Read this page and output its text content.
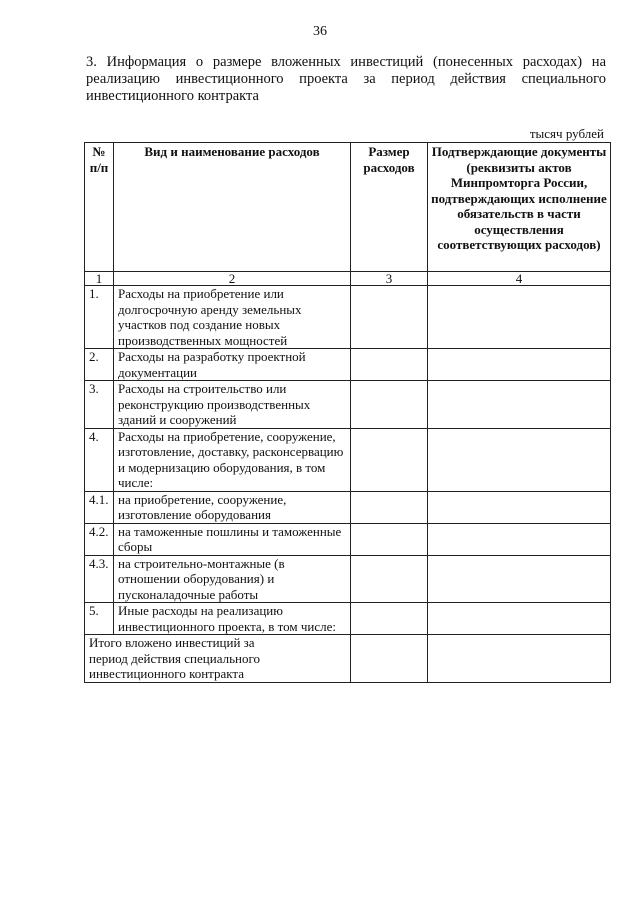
36
3. Информация о размере вложенных инвестиций (понесенных расходах) на
реализацию инвестиционного проекта за период действия специального
инвестиционного контракта
тысяч рублей
№ п/п	Вид и наименование расходов	Размер расходов	Подтверждающие документы (реквизиты актов Минпромторга России, подтверждающих исполнение обязательств в части осуществления соответствующих расходов)
1	2	3	4
1.	Расходы на приобретение или долгосрочную аренду земельных участков под создание новых производственных мощностей		
2.	Расходы на разработку проектной документации		
3.	Расходы на строительство или реконструкцию производственных зданий и сооружений		
4.	Расходы на приобретение, сооружение, изготовление, доставку, расконсервацию и модернизацию оборудования, в том числе:		
4.1.	на приобретение, сооружение, изготовление оборудования		
4.2.	на таможенные пошлины и таможенные сборы		
4.3.	на строительно-монтажные (в отношении оборудования) и пусконаладочные работы		
5.	Иные расходы на реализацию инвестиционного проекта, в том числе:		
Итого вложено инвестиций за период действия специального инвестиционного контракта			
